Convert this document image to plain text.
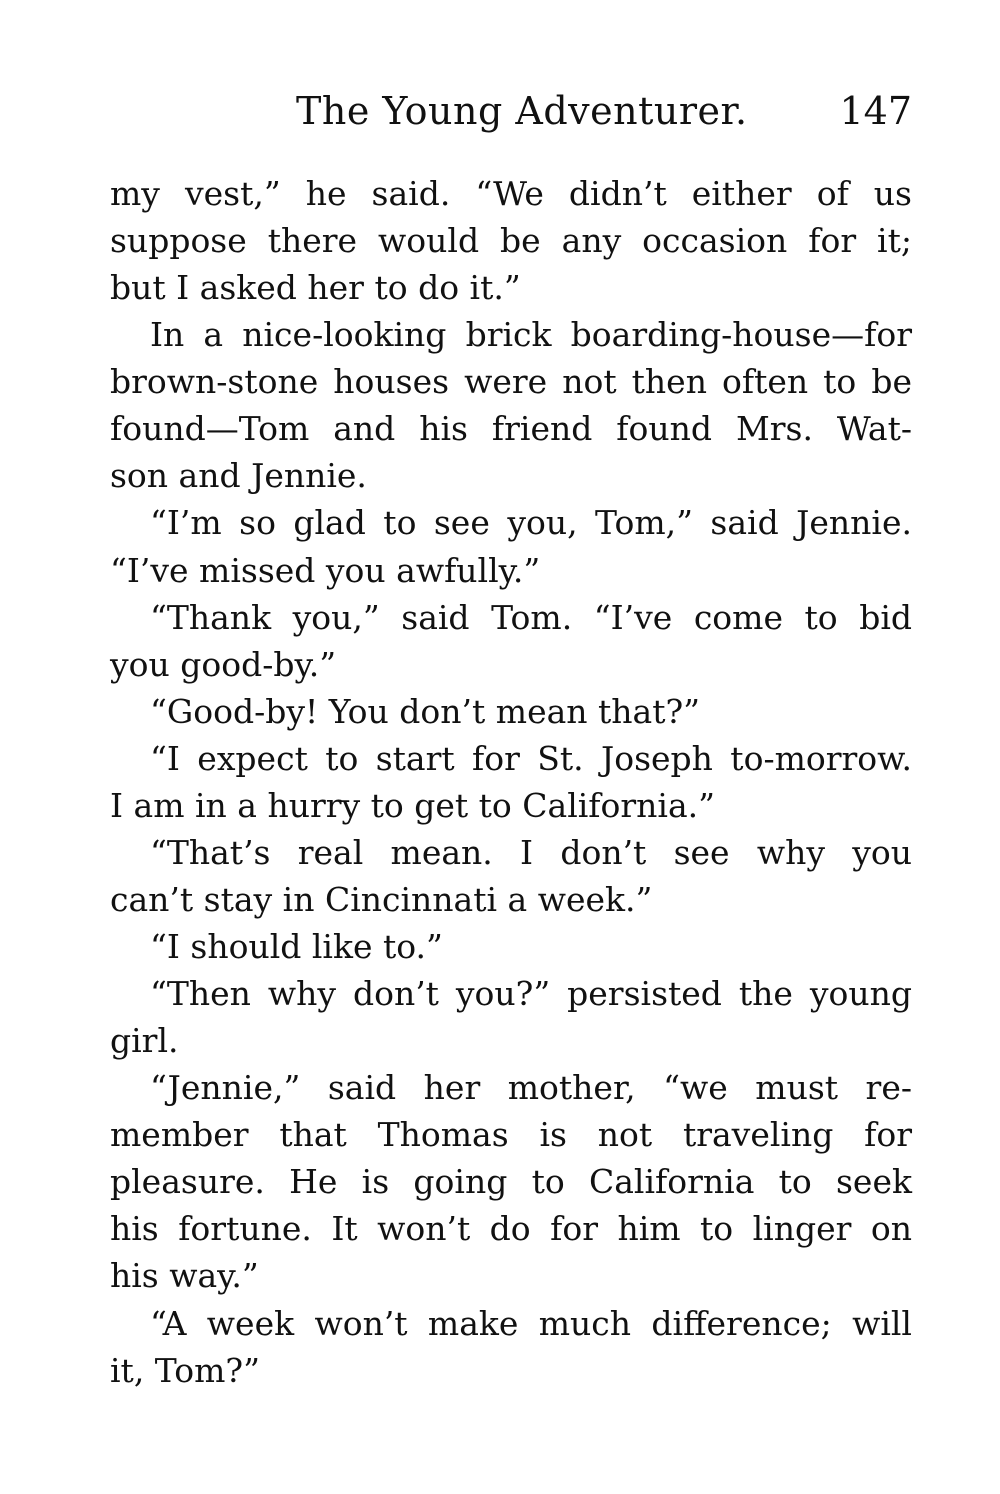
The Young Adventurer. 147
my vest,” he said. “We didn’t either of us
suppose there would be any occasion for it;
but I asked her to do it.”
In a nice-looking brick boarding-house—for
brown-stone houses were not then often to be
found—Tom and his friend found Mrs. Wat-
son and Jennie.
“I’m so glad to see you, Tom,” said Jennie.
“I’ve missed you awfully.”
“Thank you,” said Tom. “I’ve come to bid
you good-by.”
“Good-by! You don’t mean that?”
“I expect to start for St. Joseph to-morrow.
I am in a hurry to get to California.”
“That’s real mean. I don’t see why you
can’t stay in Cincinnati a week.”
“I should like to.”
“Then why don’t you?” persisted the young
girl.
“Jennie,” said her mother, “we must re-
member that Thomas is not traveling for
pleasure. He is going to California to seek
his fortune. It won’t do for him to linger on
his way.”
“A week won’t make much difference; will
it, Tom?”
